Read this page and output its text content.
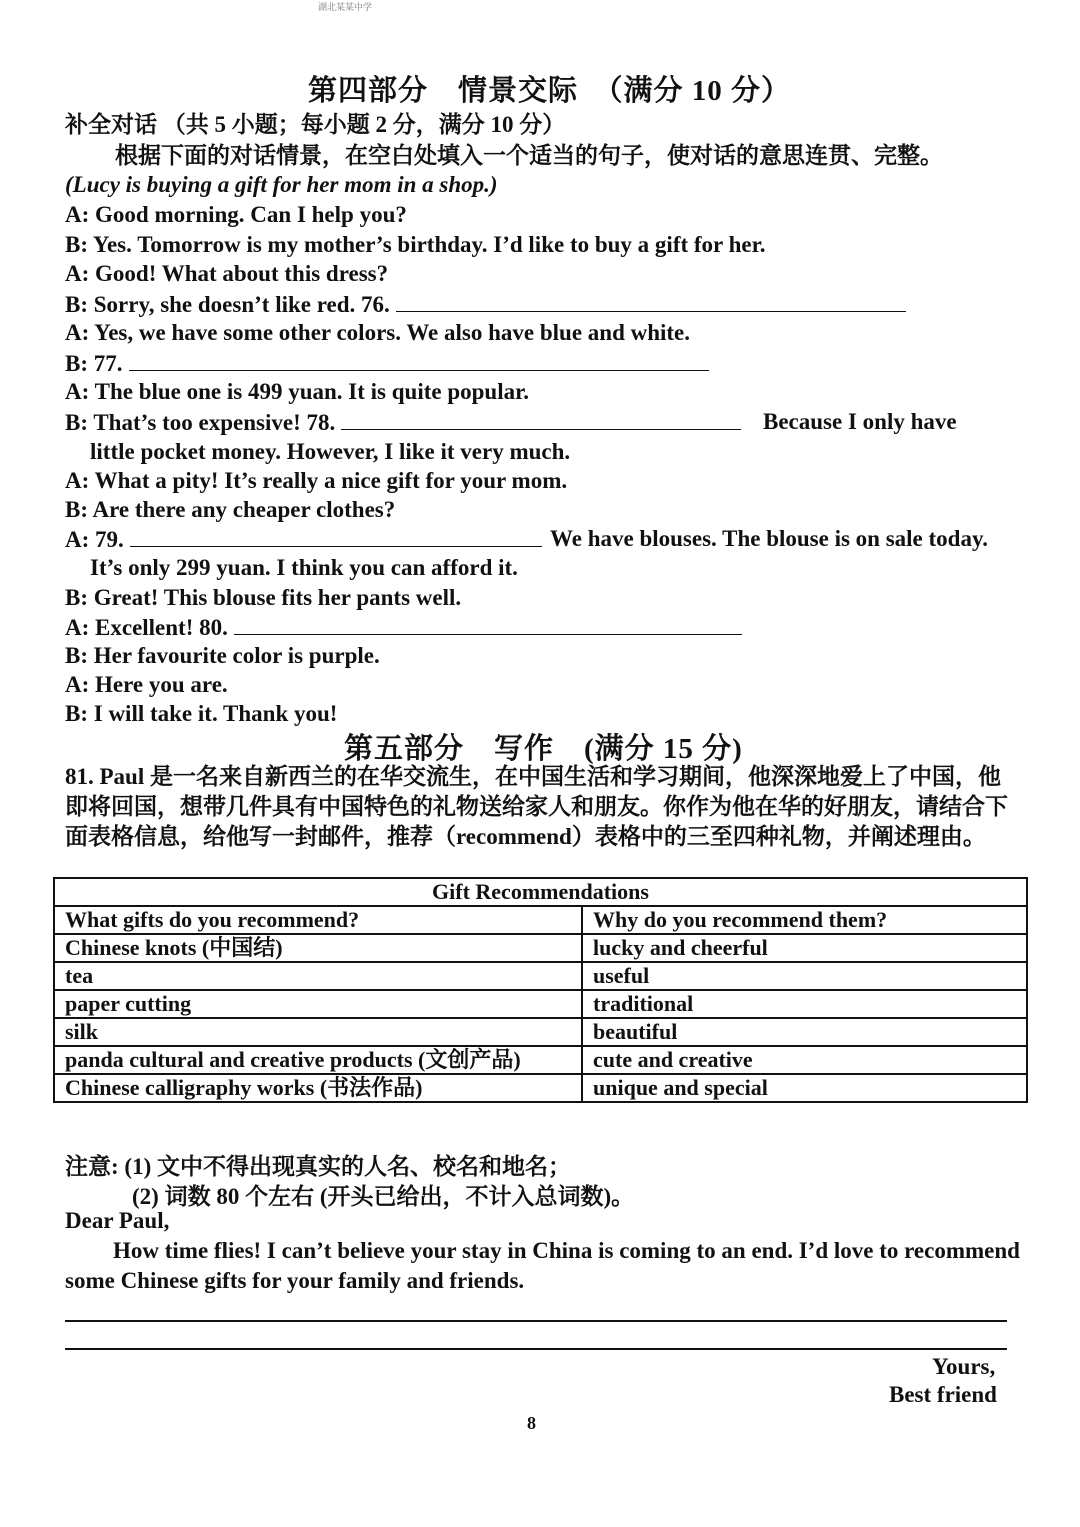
湖北某某中学
第四部分　情景交际　（满分 10 分）
补全对话 （共 5 小题；每小题 2 分，满分 10 分）
根据下面的对话情景，在空白处填入一个适当的句子，使对话的意思连贯、完整。
(Lucy is buying a gift for her mom in a shop.)
A: Good morning. Can I help you?
B: Yes. Tomorrow is my mother’s birthday. I’d like to buy a gift for her.
A: Good! What about this dress?
B: Sorry, she doesn’t like red. 76.
A: Yes, we have some other colors. We also have blue and white.
B: 77.
A: The blue one is 499 yuan. It is quite popular.
B: That’s too expensive! 78.	Because I only have
little pocket money. However, I like it very much.
A: What a pity! It’s really a nice gift for your mom.
B: Are there any cheaper clothes?
A: 79.	We have blouses. The blouse is on sale today.
It’s only 299 yuan. I think you can afford it.
B: Great! This blouse fits her pants well.
A: Excellent! 80.
B: Her favourite color is purple.
A: Here you are.
B: I will take it. Thank you!
第五部分　写作　(满分 15 分)
81. Paul 是一名来自新西兰的在华交流生，在中国生活和学习期间，他深深地爱上了中国，他即将回国，想带几件具有中国特色的礼物送给家人和朋友。你作为他在华的好朋友，请结合下面表格信息，给他写一封邮件，推荐（recommend）表格中的三至四种礼物，并阐述理由。
Gift Recommendations	
What gifts do you recommend?	Why do you recommend them?
Chinese knots (中国结)	lucky and cheerful
tea	useful
paper cutting	traditional
silk	beautiful
panda cultural and creative products (文创产品)	cute and creative
Chinese calligraphy works (书法作品)	unique and special
注意: (1) 文中不得出现真实的人名、校名和地名；
(2) 词数 80 个左右 (开头已给出，不计入总词数)。
Dear Paul,
How time flies! I can’t believe your stay in China is coming to an end. I’d love to recommend some Chinese gifts for your family and friends.
Yours,
Best friend
8
